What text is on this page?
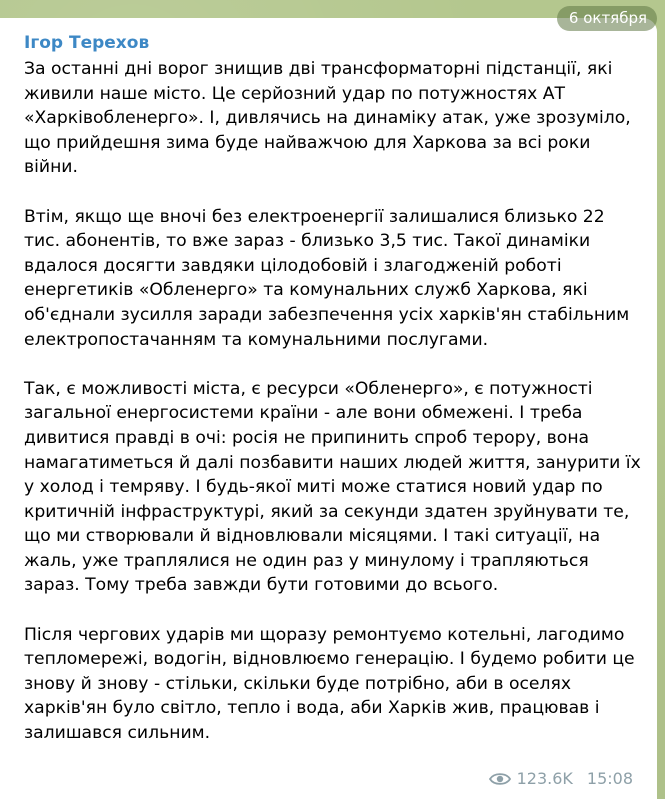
6 октября
Ігор Терехов

За останні дні ворог знищив дві трансформаторні підстанції, які живили наше місто. Це серйозний удар по потужностях АТ «Харківобленерго». І, дивлячись на динаміку атак, уже зрозуміло, що прийдешня зима буде найважчою для Харкова за всі роки війни.

Втім, якщо ще вночі без електроенергії залишалися близько 22 тис. абонентів, то вже зараз - близько 3,5 тис. Такої динаміки вдалося досягти завдяки цілодобовій і злагодженій роботі енергетиків «Обленерго» та комунальних служб Харкова, які об'єднали зусилля заради забезпечення усіх харків'ян стабільним  електропостачанням та комунальними послугами.

Так, є можливості міста, є ресурси «Обленерго», є потужності загальної енергосистеми країни - але вони обмежені. І треба дивитися правді в очі: росія не припинить спроб терору, вона намагатиметься й далі позбавити наших людей життя, занурити їх у холод і темряву. І будь-якої миті може статися новий удар по критичній інфраструктурі, який за секунди здатен зруйнувати те, що ми створювали й відновлювали місяцями. І такі ситуації, на жаль, уже траплялися не один раз у минулому і трапляються зараз. Тому треба завжди бути готовими до всього.

Після чергових ударів ми щоразу ремонтуємо котельні, лагодимо тепломережі, водогін, відновлюємо генерацію. І будемо робити це знову й знову - стільки, скільки буде потрібно, аби в оселях харків'ян було світло, тепло і вода, аби Харків жив, працював і залишався сильним.

123.6K 15:08
